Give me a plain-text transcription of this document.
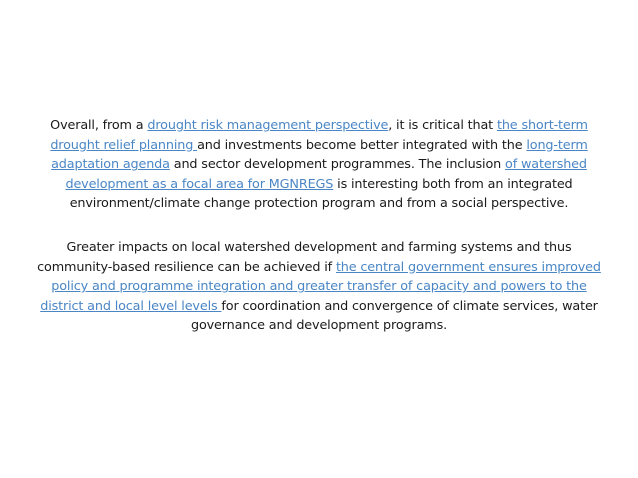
Overall, from a drought risk management perspective, it is critical that the short-term drought relief planning and investments become better integrated with the long-term adaptation agenda and sector development programmes. The inclusion of watershed development as a focal area for MGNREGS is interesting both from an integrated environment/climate change protection program and from a social perspective.

Greater impacts on local watershed development and farming systems and thus community-based resilience can be achieved if the central government ensures improved policy and programme integration and greater transfer of capacity and powers to the district and local level levels for coordination and convergence of climate services, water governance and development programs.
